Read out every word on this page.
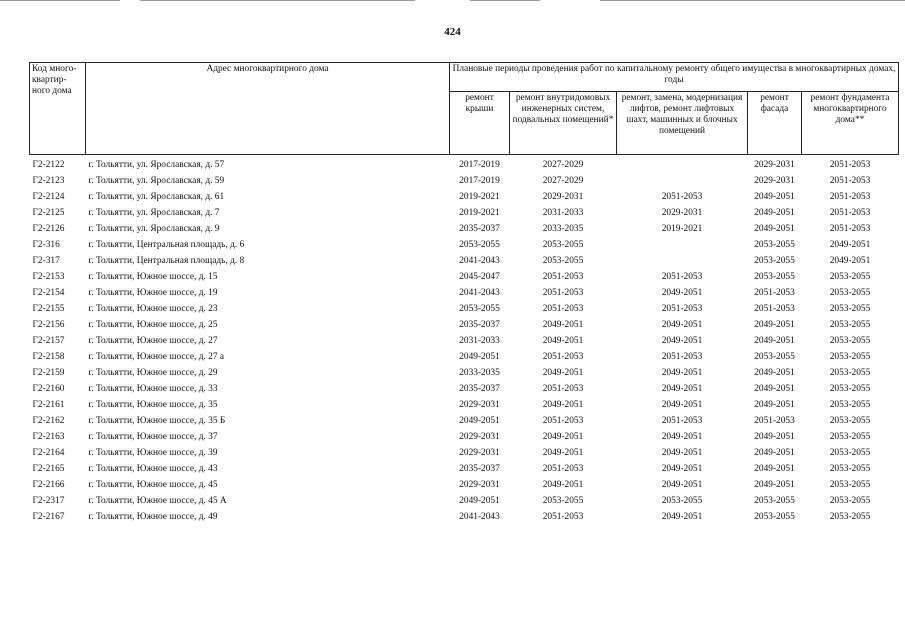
424
Код много-квартир-ного дома	Адрес многоквартирного дома	Плановые периоды проведения работ по капитальному ремонту общего имущества в многоквартирных домах, годы				
		ремонт крыши	ремонт внутридомовых инженерных систем, подвальных помещений*	ремонт, замена, модернизация лифтов, ремонт лифтовых шахт, машинных и блочных помещений	ремонт фасада	ремонт фундамента многоквартирного дома**
Г2-2122	г. Тольятти, ул. Ярославская, д. 57	2017-2019	2027-2029		2029-2031	2051-2053
Г2-2123	г. Тольятти, ул. Ярославская, д. 59	2017-2019	2027-2029		2029-2031	2051-2053
Г2-2124	г. Тольятти, ул. Ярославская, д. 61	2019-2021	2029-2031	2051-2053	2049-2051	2051-2053
Г2-2125	г. Тольятти, ул. Ярославская, д. 7	2019-2021	2031-2033	2029-2031	2049-2051	2051-2053
Г2-2126	г. Тольятти, ул. Ярославская, д. 9	2035-2037	2033-2035	2019-2021	2049-2051	2051-2053
Г2-316	г. Тольятти, Центральная площадь, д. 6	2053-2055	2053-2055		2053-2055	2049-2051
Г2-317	г. Тольятти, Центральная площадь, д. 8	2041-2043	2053-2055		2053-2055	2049-2051
Г2-2153	г. Тольятти, Южное шоссе, д. 15	2045-2047	2051-2053	2051-2053	2053-2055	2053-2055
Г2-2154	г. Тольятти, Южное шоссе, д. 19	2041-2043	2051-2053	2049-2051	2051-2053	2053-2055
Г2-2155	г. Тольятти, Южное шоссе, д. 23	2053-2055	2051-2053	2051-2053	2051-2053	2053-2055
Г2-2156	г. Тольятти, Южное шоссе, д. 25	2035-2037	2049-2051	2049-2051	2049-2051	2053-2055
Г2-2157	г. Тольятти, Южное шоссе, д. 27	2031-2033	2049-2051	2049-2051	2049-2051	2053-2055
Г2-2158	г. Тольятти, Южное шоссе, д. 27 а	2049-2051	2051-2053	2051-2053	2053-2055	2053-2055
Г2-2159	г. Тольятти, Южное шоссе, д. 29	2033-2035	2049-2051	2049-2051	2049-2051	2053-2055
Г2-2160	г. Тольятти, Южное шоссе, д. 33	2035-2037	2051-2053	2049-2051	2049-2051	2053-2055
Г2-2161	г. Тольятти, Южное шоссе, д. 35	2029-2031	2049-2051	2049-2051	2049-2051	2053-2055
Г2-2162	г. Тольятти, Южное шоссе, д. 35 Б	2049-2051	2051-2053	2051-2053	2051-2053	2053-2055
Г2-2163	г. Тольятти, Южное шоссе, д. 37	2029-2031	2049-2051	2049-2051	2049-2051	2053-2055
Г2-2164	г. Тольятти, Южное шоссе, д. 39	2029-2031	2049-2051	2049-2051	2049-2051	2053-2055
Г2-2165	г. Тольятти, Южное шоссе, д. 43	2035-2037	2051-2053	2049-2051	2049-2051	2053-2055
Г2-2166	г. Тольятти, Южное шоссе, д. 45	2029-2031	2049-2051	2049-2051	2049-2051	2053-2055
Г2-2317	г. Тольятти, Южное шоссе, д. 45 А	2049-2051	2053-2055	2053-2055	2053-2055	2053-2055
Г2-2167	г. Тольятти, Южное шоссе, д. 49	2041-2043	2051-2053	2049-2051	2053-2055	2053-2055
